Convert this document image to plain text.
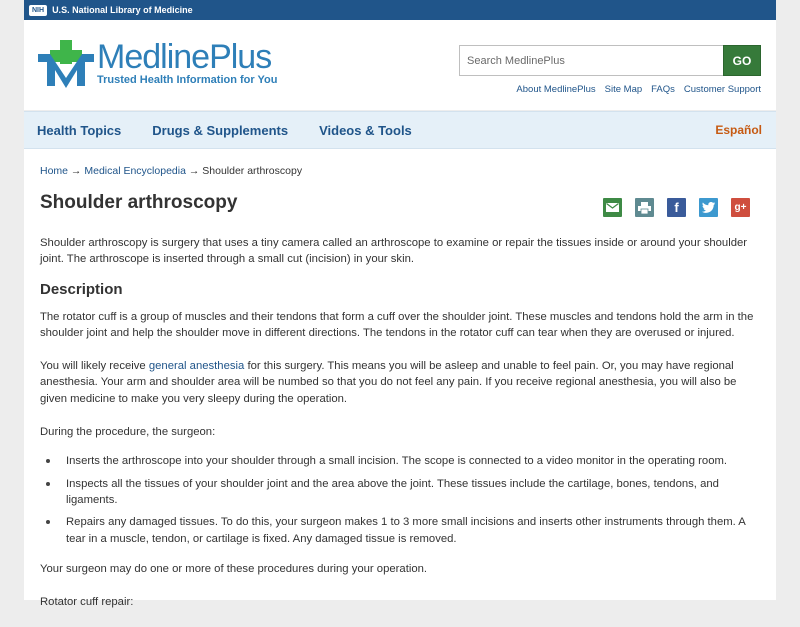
NIH U.S. National Library of Medicine
MedlinePlus
Trusted Health Information for You
Search MedlinePlus	GO
About MedlinePlus Site Map FAQs Customer Support
Health Topics Drugs & Supplements Videos & Tools	Español
Home → Medical Encyclopedia → Shoulder arthroscopy
Shoulder arthroscopy	f	g+

Shoulder arthroscopy is surgery that uses a tiny camera called an arthroscope to examine or repair the tissues inside or around your shoulder joint. The arthroscope is inserted through a small cut (incision) in your skin.

Description

The rotator cuff is a group of muscles and their tendons that form a cuff over the shoulder joint. These muscles and tendons hold the arm in the shoulder joint and help the shoulder move in different directions. The tendons in the rotator cuff can tear when they are overused or injured.

You will likely receive general anesthesia for this surgery. This means you will be asleep and unable to feel pain. Or, you may have regional anesthesia. Your arm and shoulder area will be numbed so that you do not feel any pain. If you receive regional anesthesia, you will also be given medicine to make you very sleepy during the operation.

During the procedure, the surgeon:

Inserts the arthroscope into your shoulder through a small incision. The scope is connected to a video monitor in the operating room.
Inspects all the tissues of your shoulder joint and the area above the joint. These tissues include the cartilage, bones, tendons, and ligaments.
Repairs any damaged tissues. To do this, your surgeon makes 1 to 3 more small incisions and inserts other instruments through them. A tear in a muscle, tendon, or cartilage is fixed. Any damaged tissue is removed.

Your surgeon may do one or more of these procedures during your operation.

Rotator cuff repair:
